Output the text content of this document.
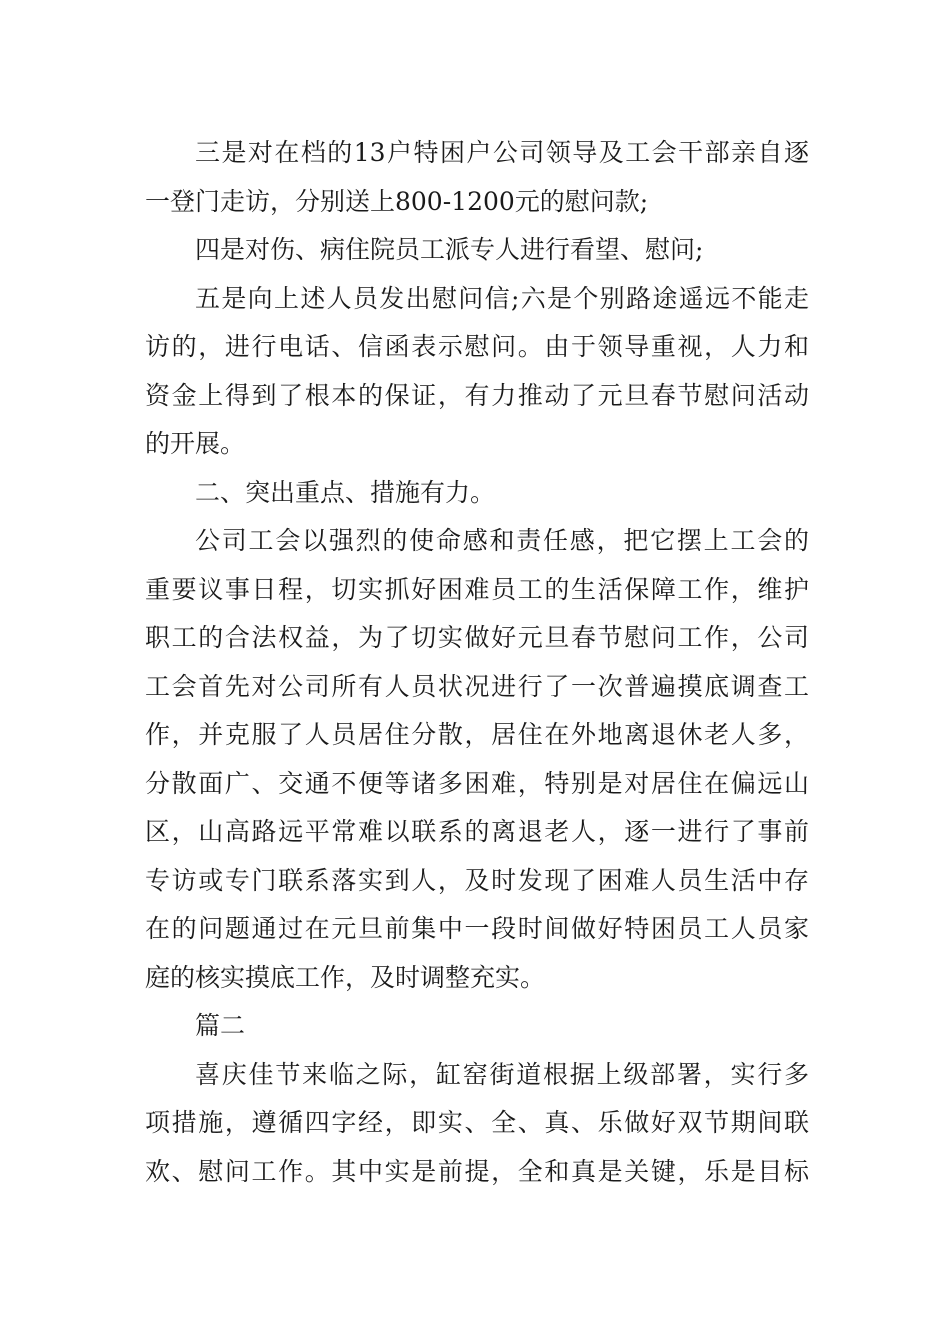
三是对在档的13户特困户公司领导及工会干部亲自逐
一登门走访，分别送上800-1200元的慰问款;
四是对伤、病住院员工派专人进行看望、慰问;
五是向上述人员发出慰问信;六是个别路途遥远不能走
访的，进行电话、信函表示慰问。由于领导重视，人力和
资金上得到了根本的保证，有力推动了元旦春节慰问活动
的开展。
二、突出重点、措施有力。
公司工会以强烈的使命感和责任感，把它摆上工会的
重要议事日程，切实抓好困难员工的生活保障工作，维护
职工的合法权益，为了切实做好元旦春节慰问工作，公司
工会首先对公司所有人员状况进行了一次普遍摸底调查工
作，并克服了人员居住分散，居住在外地离退休老人多，
分散面广、交通不便等诸多困难，特别是对居住在偏远山
区，山高路远平常难以联系的离退老人，逐一进行了事前
专访或专门联系落实到人，及时发现了困难人员生活中存
在的问题通过在元旦前集中一段时间做好特困员工人员家
庭的核实摸底工作，及时调整充实。
篇二
喜庆佳节来临之际，缸窑街道根据上级部署，实行多
项措施，遵循四字经，即实、全、真、乐做好双节期间联
欢、慰问工作。其中实是前提，全和真是关键，乐是目标
